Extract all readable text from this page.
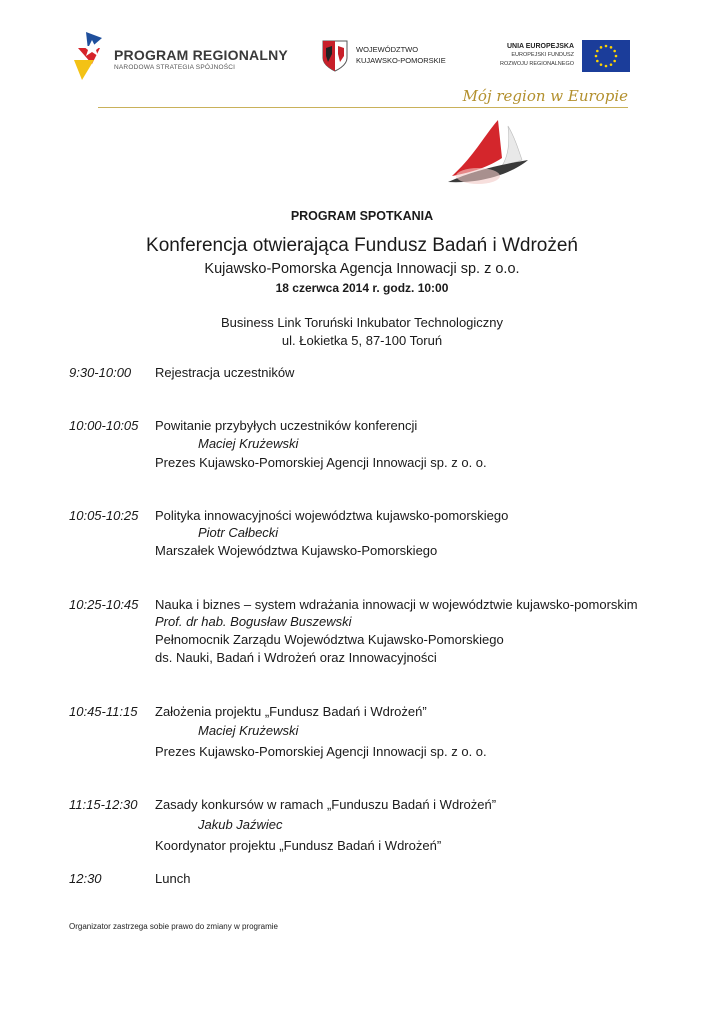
PROGRAM REGIONALNY
NARODOWA STRATEGIA SPÓJNOŚCI
WOJEWÓDZTWO
KUJAWSKO-POMORSKIE
UNIA EUROPEJSKA
EUROPEJSKI FUNDUSZ
ROZWOJU REGIONALNEGO
Mój region w Europie
PROGRAM SPOTKANIA
Konferencja otwierająca Fundusz Badań i Wdrożeń
Kujawsko-Pomorska Agencja Innowacji sp. z o.o.
18 czerwca 2014 r. godz. 10:00
Business Link Toruński Inkubator Technologiczny
ul. Łokietka 5, 87-100 Toruń
9:30-10:00 Rejestracja uczestników
10:00-10:05 Powitanie przybyłych uczestników konferencji
Maciej Krużewski
Prezes Kujawsko-Pomorskiej Agencji Innowacji sp. z o. o.
10:05-10:25 Polityka innowacyjności województwa kujawsko-pomorskiego
Piotr Całbecki
Marszałek Województwa Kujawsko-Pomorskiego
10:25-10:45 Nauka i biznes – system wdrażania innowacji w województwie kujawsko-pomorskim
Prof. dr hab. Bogusław Buszewski
Pełnomocnik Zarządu Województwa Kujawsko-Pomorskiego
ds. Nauki, Badań i Wdrożeń oraz Innowacyjności
10:45-11:15 Założenia projektu „Fundusz Badań i Wdrożeń”
Maciej Krużewski
Prezes Kujawsko-Pomorskiej Agencji Innowacji sp. z o. o.
11:15-12:30 Zasady konkursów w ramach „Funduszu Badań i Wdrożeń”
Jakub Jaźwiec
Koordynator projektu „Fundusz Badań i Wdrożeń”
12:30	Lunch
Organizator zastrzega sobie prawo do zmiany w programie
